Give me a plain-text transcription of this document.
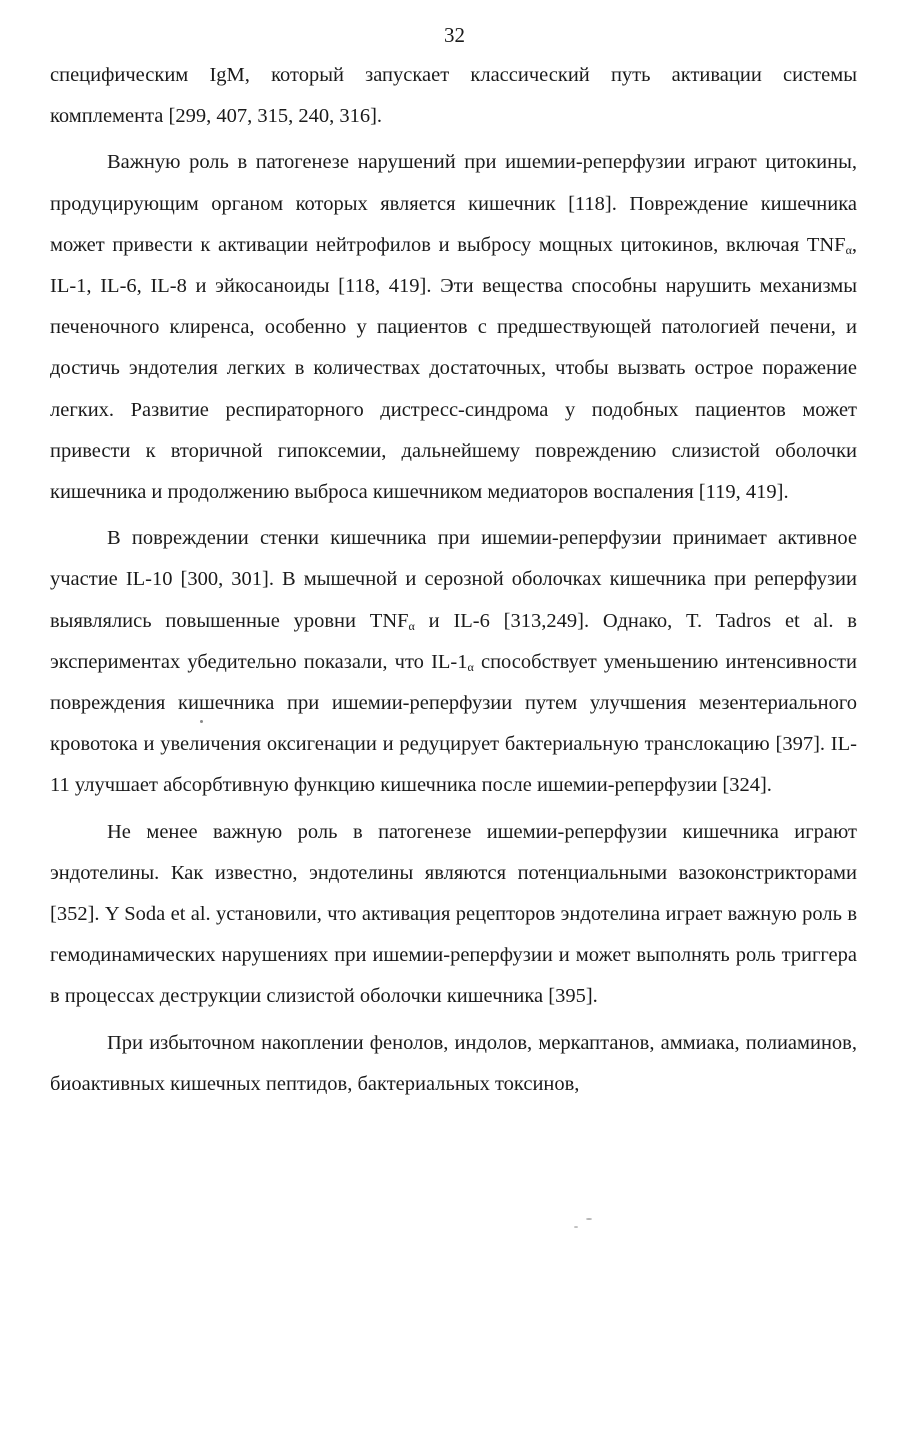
32

специфическим IgM, который запускает классический путь активации системы комплемента [299, 407, 315, 240, 316].

Важную роль в патогенезе нарушений при ишемии-реперфузии играют цитокины, продуцирующим органом которых является кишечник [118]. Повреждение кишечника может привести к активации нейтрофилов и выбросу мощных цитокинов, включая $TNF_\alpha$, IL-1, IL-6, IL-8 и эйкосаноиды [118, 419]. Эти вещества способны нарушить механизмы печеночного клиренса, особенно у пациентов с предшествующей патологией печени, и достичь эндотелия легких в количествах достаточных, чтобы вызвать острое поражение легких. Развитие респираторного дистресс-синдрома у подобных пациентов может привести к вторичной гипоксемии, дальнейшему повреждению слизистой оболочки кишечника и продолжению выброса кишечником медиаторов воспаления [119, 419].

В повреждении стенки кишечника при ишемии-реперфузии принимает активное участие IL-10 [300, 301]. В мышечной и серозной оболочках кишечника при реперфузии выявлялись повышенные уровни $TNF_\alpha$ и IL-6 [313,249]. Однако, T. Tadros et al. в экспериментах убедительно показали, что $IL-1_\alpha$ способствует уменьшению интенсивности повреждения кишечника при ишемии-реперфузии путем улучшения мезентериального кровотока и увеличения оксигенации и редуцирует бактериальную транслокацию [397]. IL-11 улучшает абсорбтивную функцию кишечника после ишемии-реперфузии [324].

Не менее важную роль в патогенезе ишемии-реперфузии кишечника играют эндотелины. Как известно, эндотелины являются потенциальными вазоконстрикторами [352]. Y Soda et al. установили, что активация рецепторов эндотелина играет важную роль в гемодинамических нарушениях при ишемии-реперфузии и может выполнять роль триггера в процессах деструкции слизистой оболочки кишечника [395].

При избыточном накоплении фенолов, индолов, меркаптанов, аммиака, полиаминов, биоактивных кишечных пептидов, бактериальных токсинов,
